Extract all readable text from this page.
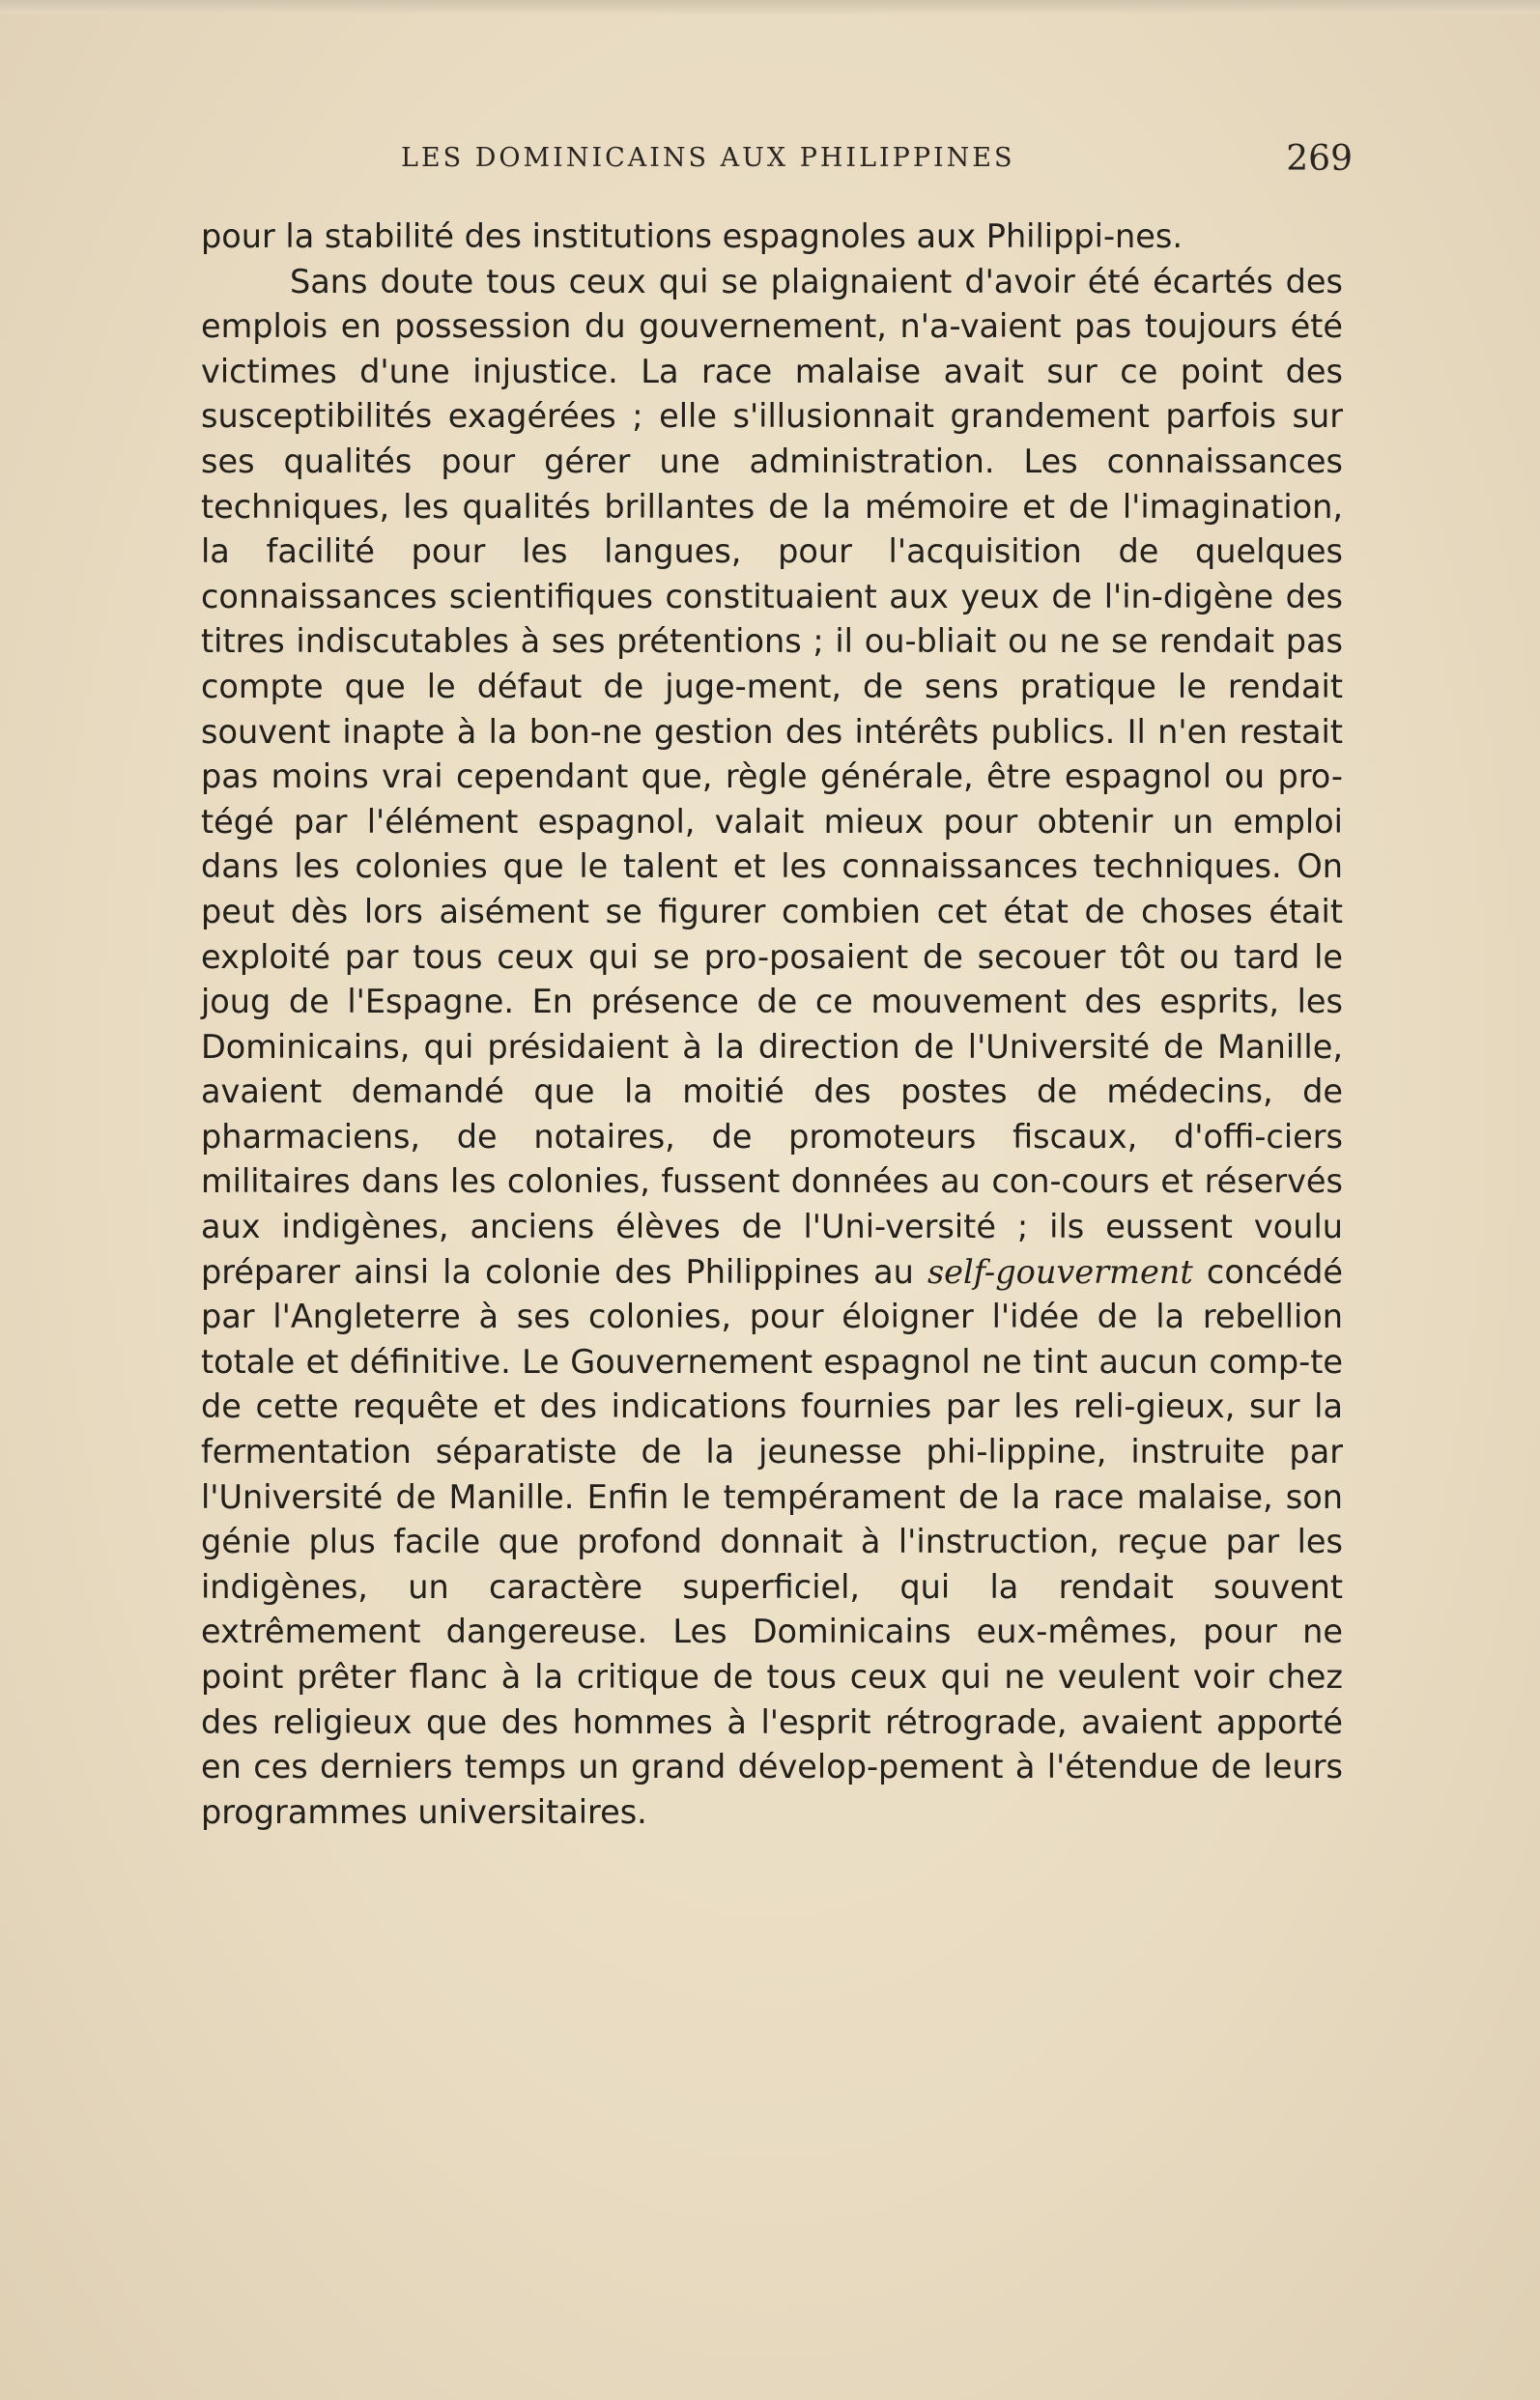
LES DOMINICAINS AUX PHILIPPINES	269

pour la stabilité des institutions espagnoles aux Philippi-nes.

Sans doute tous ceux qui se plaignaient d'avoir été écartés des emplois en possession du gouvernement, n'a-vaient pas toujours été victimes d'une injustice. La race malaise avait sur ce point des susceptibilités exagérées ; elle s'illusionnait grandement parfois sur ses qualités pour gérer une administration. Les connaissances techniques, les qualités brillantes de la mémoire et de l'imagination, la facilité pour les langues, pour l'acquisition de quelques connaissances scientifiques constituaient aux yeux de l'in-digène des titres indiscutables à ses prétentions ; il ou-bliait ou ne se rendait pas compte que le défaut de juge-ment, de sens pratique le rendait souvent inapte à la bon-ne gestion des intérêts publics. Il n'en restait pas moins vrai cependant que, règle générale, être espagnol ou pro-tégé par l'élément espagnol, valait mieux pour obtenir un emploi dans les colonies que le talent et les connaissances techniques. On peut dès lors aisément se figurer combien cet état de choses était exploité par tous ceux qui se pro-posaient de secouer tôt ou tard le joug de l'Espagne. En présence de ce mouvement des esprits, les Dominicains, qui présidaient à la direction de l'Université de Manille, avaient demandé que la moitié des postes de médecins, de pharmaciens, de notaires, de promoteurs fiscaux, d'offi-ciers militaires dans les colonies, fussent données au con-cours et réservés aux indigènes, anciens élèves de l'Uni-versité ; ils eussent voulu préparer ainsi la colonie des Philippines au self-gouverment concédé par l'Angleterre à ses colonies, pour éloigner l'idée de la rebellion totale et définitive. Le Gouvernement espagnol ne tint aucun comp-te de cette requête et des indications fournies par les reli-gieux, sur la fermentation séparatiste de la jeunesse phi-lippine, instruite par l'Université de Manille. Enfin le tempérament de la race malaise, son génie plus facile que profond donnait à l'instruction, reçue par les indigènes, un caractère superficiel, qui la rendait souvent extrêmement dangereuse. Les Dominicains eux-mêmes, pour ne point prêter flanc à la critique de tous ceux qui ne veulent voir chez des religieux que des hommes à l'esprit rétrograde, avaient apporté en ces derniers temps un grand dévelop-pement à l'étendue de leurs programmes universitaires.
